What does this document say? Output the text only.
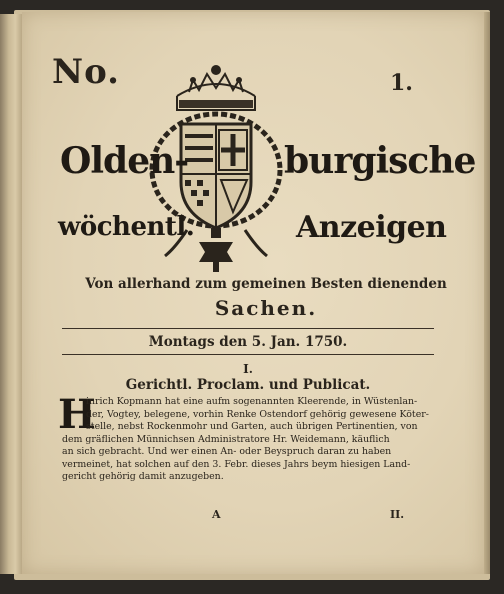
No.	1.
Olden-	burgische
wöchentl.	Anzeigen
Von allerhand zum gemeinen Besten dienenden
Sachen.
Montags den 5. Jan. 1750.
I.
Gerichtl. Proclam. und Publicat.
H
inrich Kopmann hat eine aufm sogenannten Kleerende, in Wüstenlan-
der, Vogtey, belegene, vorhin Renke Ostendorf gehörig gewesene Köter-
stelle, nebst Rockenmohr und Garten, auch übrigen Pertinentien, von
dem gräflichen Münnichsen Administratore Hr. Weidemann, käuflich
an sich gebracht. Und wer einen An- oder Beyspruch daran zu haben
vermeinet, hat solchen auf den 3. Febr. dieses Jahrs beym hiesigen Land-
gericht gehörig damit anzugeben.
A	II.
